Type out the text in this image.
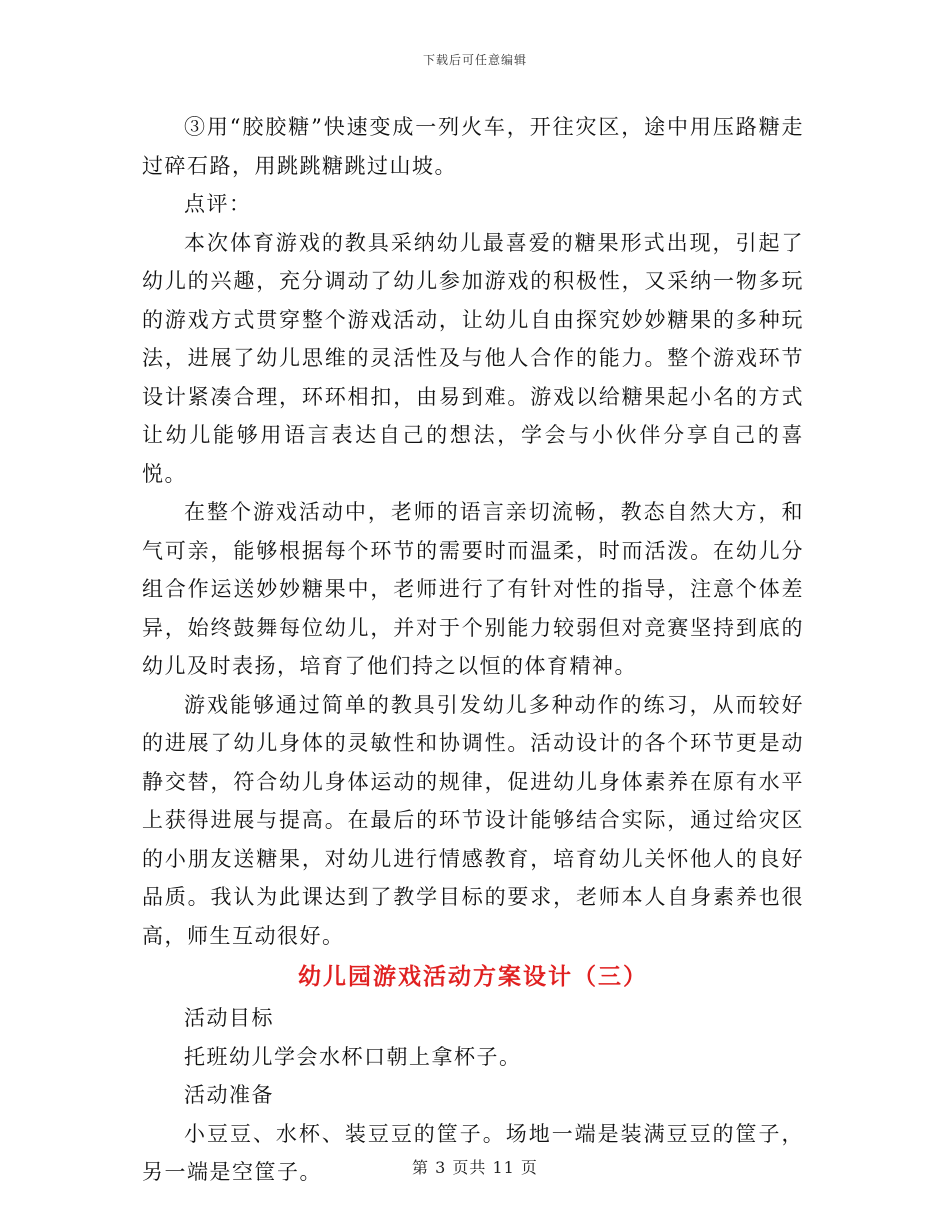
下载后可任意编辑

③用“胶胶糖”快速变成一列火车，开往灾区，途中用压路糖走过碎石路，用跳跳糖跳过山坡。

点评：

本次体育游戏的教具采纳幼儿最喜爱的糖果形式出现，引起了幼儿的兴趣，充分调动了幼儿参加游戏的积极性，又采纳一物多玩的游戏方式贯穿整个游戏活动，让幼儿自由探究妙妙糖果的多种玩法，进展了幼儿思维的灵活性及与他人合作的能力。整个游戏环节设计紧凑合理，环环相扣，由易到难。游戏以给糖果起小名的方式让幼儿能够用语言表达自己的想法，学会与小伙伴分享自己的喜悦。

在整个游戏活动中，老师的语言亲切流畅，教态自然大方，和气可亲，能够根据每个环节的需要时而温柔，时而活泼。在幼儿分组合作运送妙妙糖果中，老师进行了有针对性的指导，注意个体差异，始终鼓舞每位幼儿，并对于个别能力较弱但对竞赛坚持到底的幼儿及时表扬，培育了他们持之以恒的体育精神。

游戏能够通过简单的教具引发幼儿多种动作的练习，从而较好的进展了幼儿身体的灵敏性和协调性。活动设计的各个环节更是动静交替，符合幼儿身体运动的规律，促进幼儿身体素养在原有水平上获得进展与提高。在最后的环节设计能够结合实际，通过给灾区的小朋友送糖果，对幼儿进行情感教育，培育幼儿关怀他人的良好品质。我认为此课达到了教学目标的要求，老师本人自身素养也很高，师生互动很好。

幼儿园游戏活动方案设计（三）

活动目标

托班幼儿学会水杯口朝上拿杯子。

活动准备

小豆豆、水杯、装豆豆的筐子。场地一端是装满豆豆的筐子，另一端是空筐子。	第 3 页共 11 页
